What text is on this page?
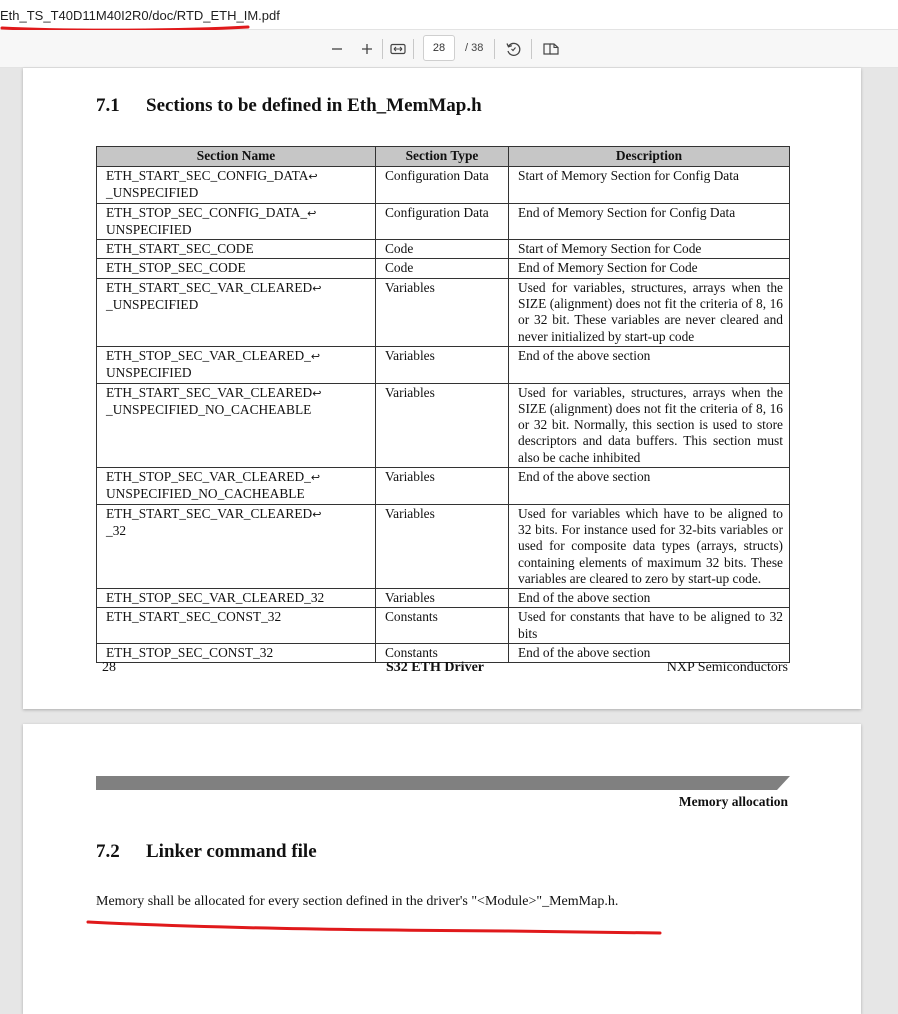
Eth_TS_T40D11M40I2R0/doc/RTD_ETH_IM.pdf
28
/ 38
7.1 Sections to be defined in Eth_MemMap.h
Section Name	Section Type	Description
ETH_START_SEC_CONFIG_DATA↩
_UNSPECIFIED	Configuration Data	Start of Memory Section for Config Data
ETH_STOP_SEC_CONFIG_DATA_↩
UNSPECIFIED	Configuration Data	End of Memory Section for Config Data
ETH_START_SEC_CODE	Code	Start of Memory Section for Code
ETH_STOP_SEC_CODE	Code	End of Memory Section for Code
ETH_START_SEC_VAR_CLEARED↩
_UNSPECIFIED	Variables	Used for variables, structures, arrays when the SIZE (alignment) does not fit the criteria of 8, 16 or 32 bit. These variables are never cleared and never initialized by start-up code
ETH_STOP_SEC_VAR_CLEARED_↩
UNSPECIFIED	Variables	End of the above section
ETH_START_SEC_VAR_CLEARED↩
_UNSPECIFIED_NO_CACHEABLE	Variables	Used for variables, structures, arrays when the SIZE (alignment) does not fit the criteria of 8, 16 or 32 bit. Normally, this section is used to store descriptors and data buffers. This section must also be cache inhibited
ETH_STOP_SEC_VAR_CLEARED_↩
UNSPECIFIED_NO_CACHEABLE	Variables	End of the above section
ETH_START_SEC_VAR_CLEARED↩
_32	Variables	Used for variables which have to be aligned to 32 bits. For instance used for 32-bits variables or used for composite data types (arrays, structs) containing elements of maximum 32 bits. These variables are cleared to zero by start-up code.
ETH_STOP_SEC_VAR_CLEARED_32	Variables	End of the above section
ETH_START_SEC_CONST_32	Constants	Used for constants that have to be aligned to 32 bits
ETH_STOP_SEC_CONST_32	Constants	End of the above section
28	S32 ETH Driver	NXP Semiconductors
Memory allocation
7.2 Linker command file
Memory shall be allocated for every section defined in the driver's "<Module>"_MemMap.h.
